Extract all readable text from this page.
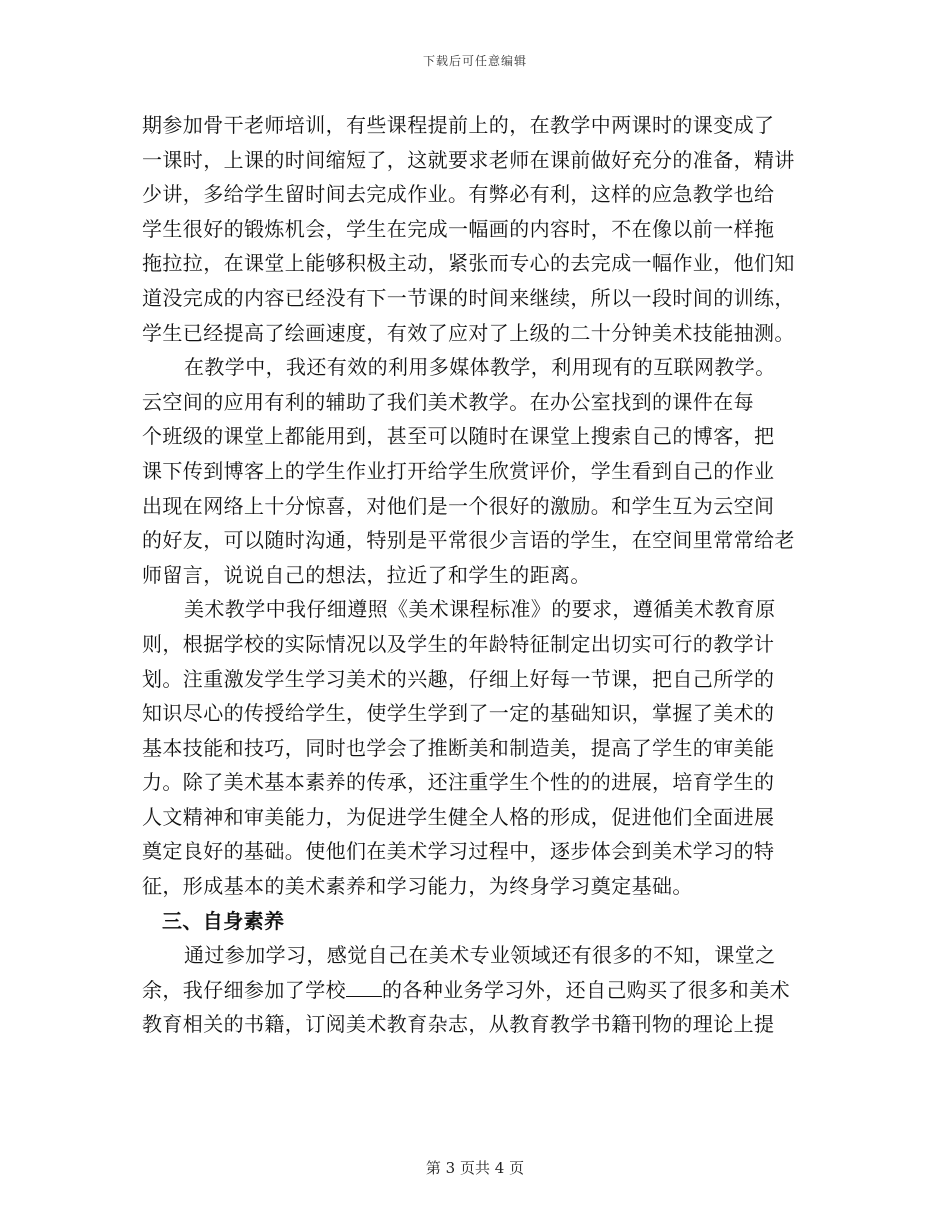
下载后可任意编辑
期参加骨干老师培训，有些课程提前上的，在教学中两课时的课变成了
一课时，上课的时间缩短了，这就要求老师在课前做好充分的准备，精讲
少讲，多给学生留时间去完成作业。有弊必有利，这样的应急教学也给
学生很好的锻炼机会，学生在完成一幅画的内容时，不在像以前一样拖
拖拉拉，在课堂上能够积极主动，紧张而专心的去完成一幅作业，他们知
道没完成的内容已经没有下一节课的时间来继续，所以一段时间的训练，
学生已经提高了绘画速度，有效了应对了上级的二十分钟美术技能抽测。
在教学中，我还有效的利用多媒体教学，利用现有的互联网教学。
云空间的应用有利的辅助了我们美术教学。在办公室找到的课件在每
个班级的课堂上都能用到，甚至可以随时在课堂上搜索自己的博客，把
课下传到博客上的学生作业打开给学生欣赏评价，学生看到自己的作业
出现在网络上十分惊喜，对他们是一个很好的激励。和学生互为云空间
的好友，可以随时沟通，特别是平常很少言语的学生，在空间里常常给老
师留言，说说自己的想法，拉近了和学生的距离。
美术教学中我仔细遵照《美术课程标准》的要求，遵循美术教育原
则，根据学校的实际情况以及学生的年龄特征制定出切实可行的教学计
划。注重激发学生学习美术的兴趣，仔细上好每一节课，把自己所学的
知识尽心的传授给学生，使学生学到了一定的基础知识，掌握了美术的
基本技能和技巧，同时也学会了推断美和制造美，提高了学生的审美能
力。除了美术基本素养的传承，还注重学生个性的的进展，培育学生的
人文精神和审美能力，为促进学生健全人格的形成，促进他们全面进展
奠定良好的基础。使他们在美术学习过程中，逐步体会到美术学习的特
征，形成基本的美术素养和学习能力，为终身学习奠定基础。
三、自身素养
通过参加学习，感觉自己在美术专业领域还有很多的不知，课堂之
余，我仔细参加了学校 的各种业务学习外，还自己购买了很多和美术
教育相关的书籍，订阅美术教育杂志，从教育教学书籍刊物的理论上提
第 3 页共 4 页
